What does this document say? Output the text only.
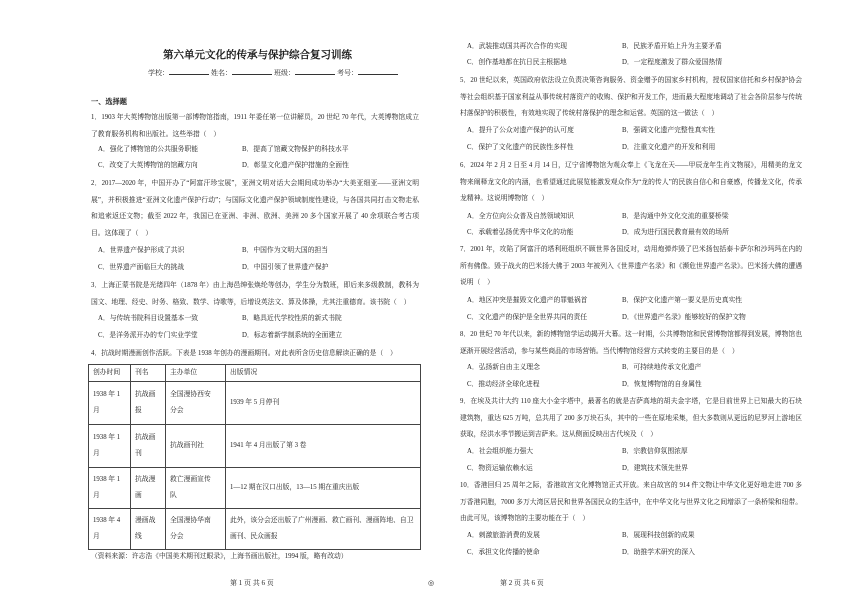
第六单元文化的传承与保护综合复习训练
学校：	姓名：	班级：	考号：
一、选择题
1．1903 年大英博物馆出版第一部博物馆指南，1911 年委任第一位讲解员，20 世纪 70 年代，大英博物馆成立了教育服务机构和出版社。这些举措（　）
A．强化了博物馆的公共服务职能	B．提高了馆藏文物保护的科技水平
C．改变了大英博物馆的馆藏方向	D．彰显文化遗产保护措施的全面性
2．2017—2020 年，中国开办了“阿富汗珍宝展”，亚洲文明对话大会期间成功举办“大美亚细亚——亚洲文明展”，并积极推进“亚洲文化遗产保护行动”；与国际文化遗产保护领域制度性建设，与各国共同打击文物走私和追索返还文物；截至 2022 年，我国已在亚洲、非洲、欧洲、美洲 20 多个国家开展了 40 余项联合考古项目。这体现了（　）
A．世界遗产保护形成了共识	B．中国作为文明大国的担当
C．世界遗产面临巨大的挑战	D．中国引领了世界遗产保护
3．上海正蒙书院是光绪四年（1878 年）由上海邑绅张焕纶等创办，学生分为数班，即后来多级教制，教科为国文、地理、经史、时务、格致、数学、诗歌等，后增设英法文、算及体操，尤其注重德育。该书院（　）
A．与传统书院科目设置基本一致	B．略具近代学校性质的新式书院
C．是洋务派开办的专门实业学堂	D．标志着新学制系统的全面建立
4．抗战时期漫画创作活跃。下表是 1938 年创办的漫画期刊。对此表所含历史信息解读正确的是（　）
创办时间	刊名	主办单位	出版情况
1938 年 1 月	抗战画报	全国漫协西安分会	1939 年 5 月停刊
1938 年 1 月	抗战画刊	抗战画刊社	1941 年 4 月出版了第 3 卷
1938 年 1 月	抗战漫画	救亡漫画宣传队	1—12 期在汉口出版，13—15 期在重庆出版
1938 年 4 月	漫画战线	全国漫协华南分会	此外，该分会还出版了广州漫画、救亡画刊、漫画阵地、自卫画刊、民众画报
（资料来源：许志浩《中国美术期刊过眼录》，上海书画出版社，1994 版，略有改动）
A．武装推动国共再次合作的实现	B．民族矛盾开始上升为主要矛盾
C．创作基地都在抗日民主根据地	D．一定程度激发了群众爱国热情
5．20 世纪以来，英国政府依法设立负责决策咨询服务、资金赠予的国家乡村机构，授权国家信托和乡村保护协会等社会组织基于国家利益从事传统村落资产的收购、保护和开发工作，进而最大程度地调动了社会各阶层参与传统村落保护的积极性，有效地实现了传统村落保护的理念和运营。英国的这一做法（　）
A．提升了公众对遗产保护的认可度	B．强调文化遗产完整性真实性
C．保护了文化遗产的民族性多样性	D．注重文化遗产的开发和利用
6．2024 年 2 月 2 日至 4 月 14 日，辽宁省博物馆为观众奉上《飞龙在天——甲辰龙年生肖文物展》，用精美的龙文物来阐释龙文化的内涵，也希望通过此展览能激发观众作为“龙的传人”的民族自信心和自豪感，传播龙文化，传承龙精神。这说明博物馆（　）
A．全方位向公众普及自然领域知识	B．是沟通中外文化交流的重要桥梁
C．承载着弘扬优秀中华文化的功能	D．成为进行国民教育最有效的场所
7．2001 年，攻陷了阿富汗的塔利班组织不顾世界各国反对，动用炮弹炸毁了巴米扬包括泰卡萨尔和沙玛玛在内的所有佛像。毁于战火的巴米扬大佛于 2003 年被列入《世界遗产名录》和《濒危世界遗产名录》。巴米扬大佛的遭遇说明（　）
A．地区冲突是摧毁文化遗产的罪魁祸首	B．保护文化遗产第一要义是历史真实性
C．文化遗产的保护是全世界共同的责任	D．《世界遗产名录》能够较好的保护文物
8．20 世纪 70 年代以来，新的博物馆学运动揭开大幕。这一时期，公共博物馆和民营博物馆都得到发展，博物馆也逐渐开展经营活动，参与某些商品的市场营销。当代博物馆经营方式转变的主要目的是（　）
A．弘扬新自由主义理念	B．可持续地传承文化遗产
C．推动经济全球化进程	D．恢复博物馆的自身属性
9．在埃及共计大约 110 座大小金字塔中，最著名的就是吉萨高地的胡夫金字塔，它是目前世界上已知最大的石块建筑物，重达 625 万吨，总共用了 200 多万块石头，其中的一些在原地采集，但大多数则从更远的尼罗河上游地区获取，经洪水季节搬运到吉萨来。这从侧面反映出古代埃及（　）
A．社会组织能力强大	B．宗教信仰氛围浓厚
C．物资运输依赖水运	D．建筑技术领先世界
10．香港回归 25 周年之际，香港故宫文化博物馆正式开放。来自故宫的 914 件文物让中华文化更好地走进 700 多万香港同胞，7000 多万大湾区居民和世界各国民众的生活中，在中华文化与世界文化之间增添了一条桥梁和纽带。由此可见，该博物馆的主要功能在于（　）
A．刺激旅游消费的发展	B．展现科技创新的成果
C．承担文化传播的使命	D．助推学术研究的深入
第 1 页 共 6 页	◎	第 2 页 共 6 页
